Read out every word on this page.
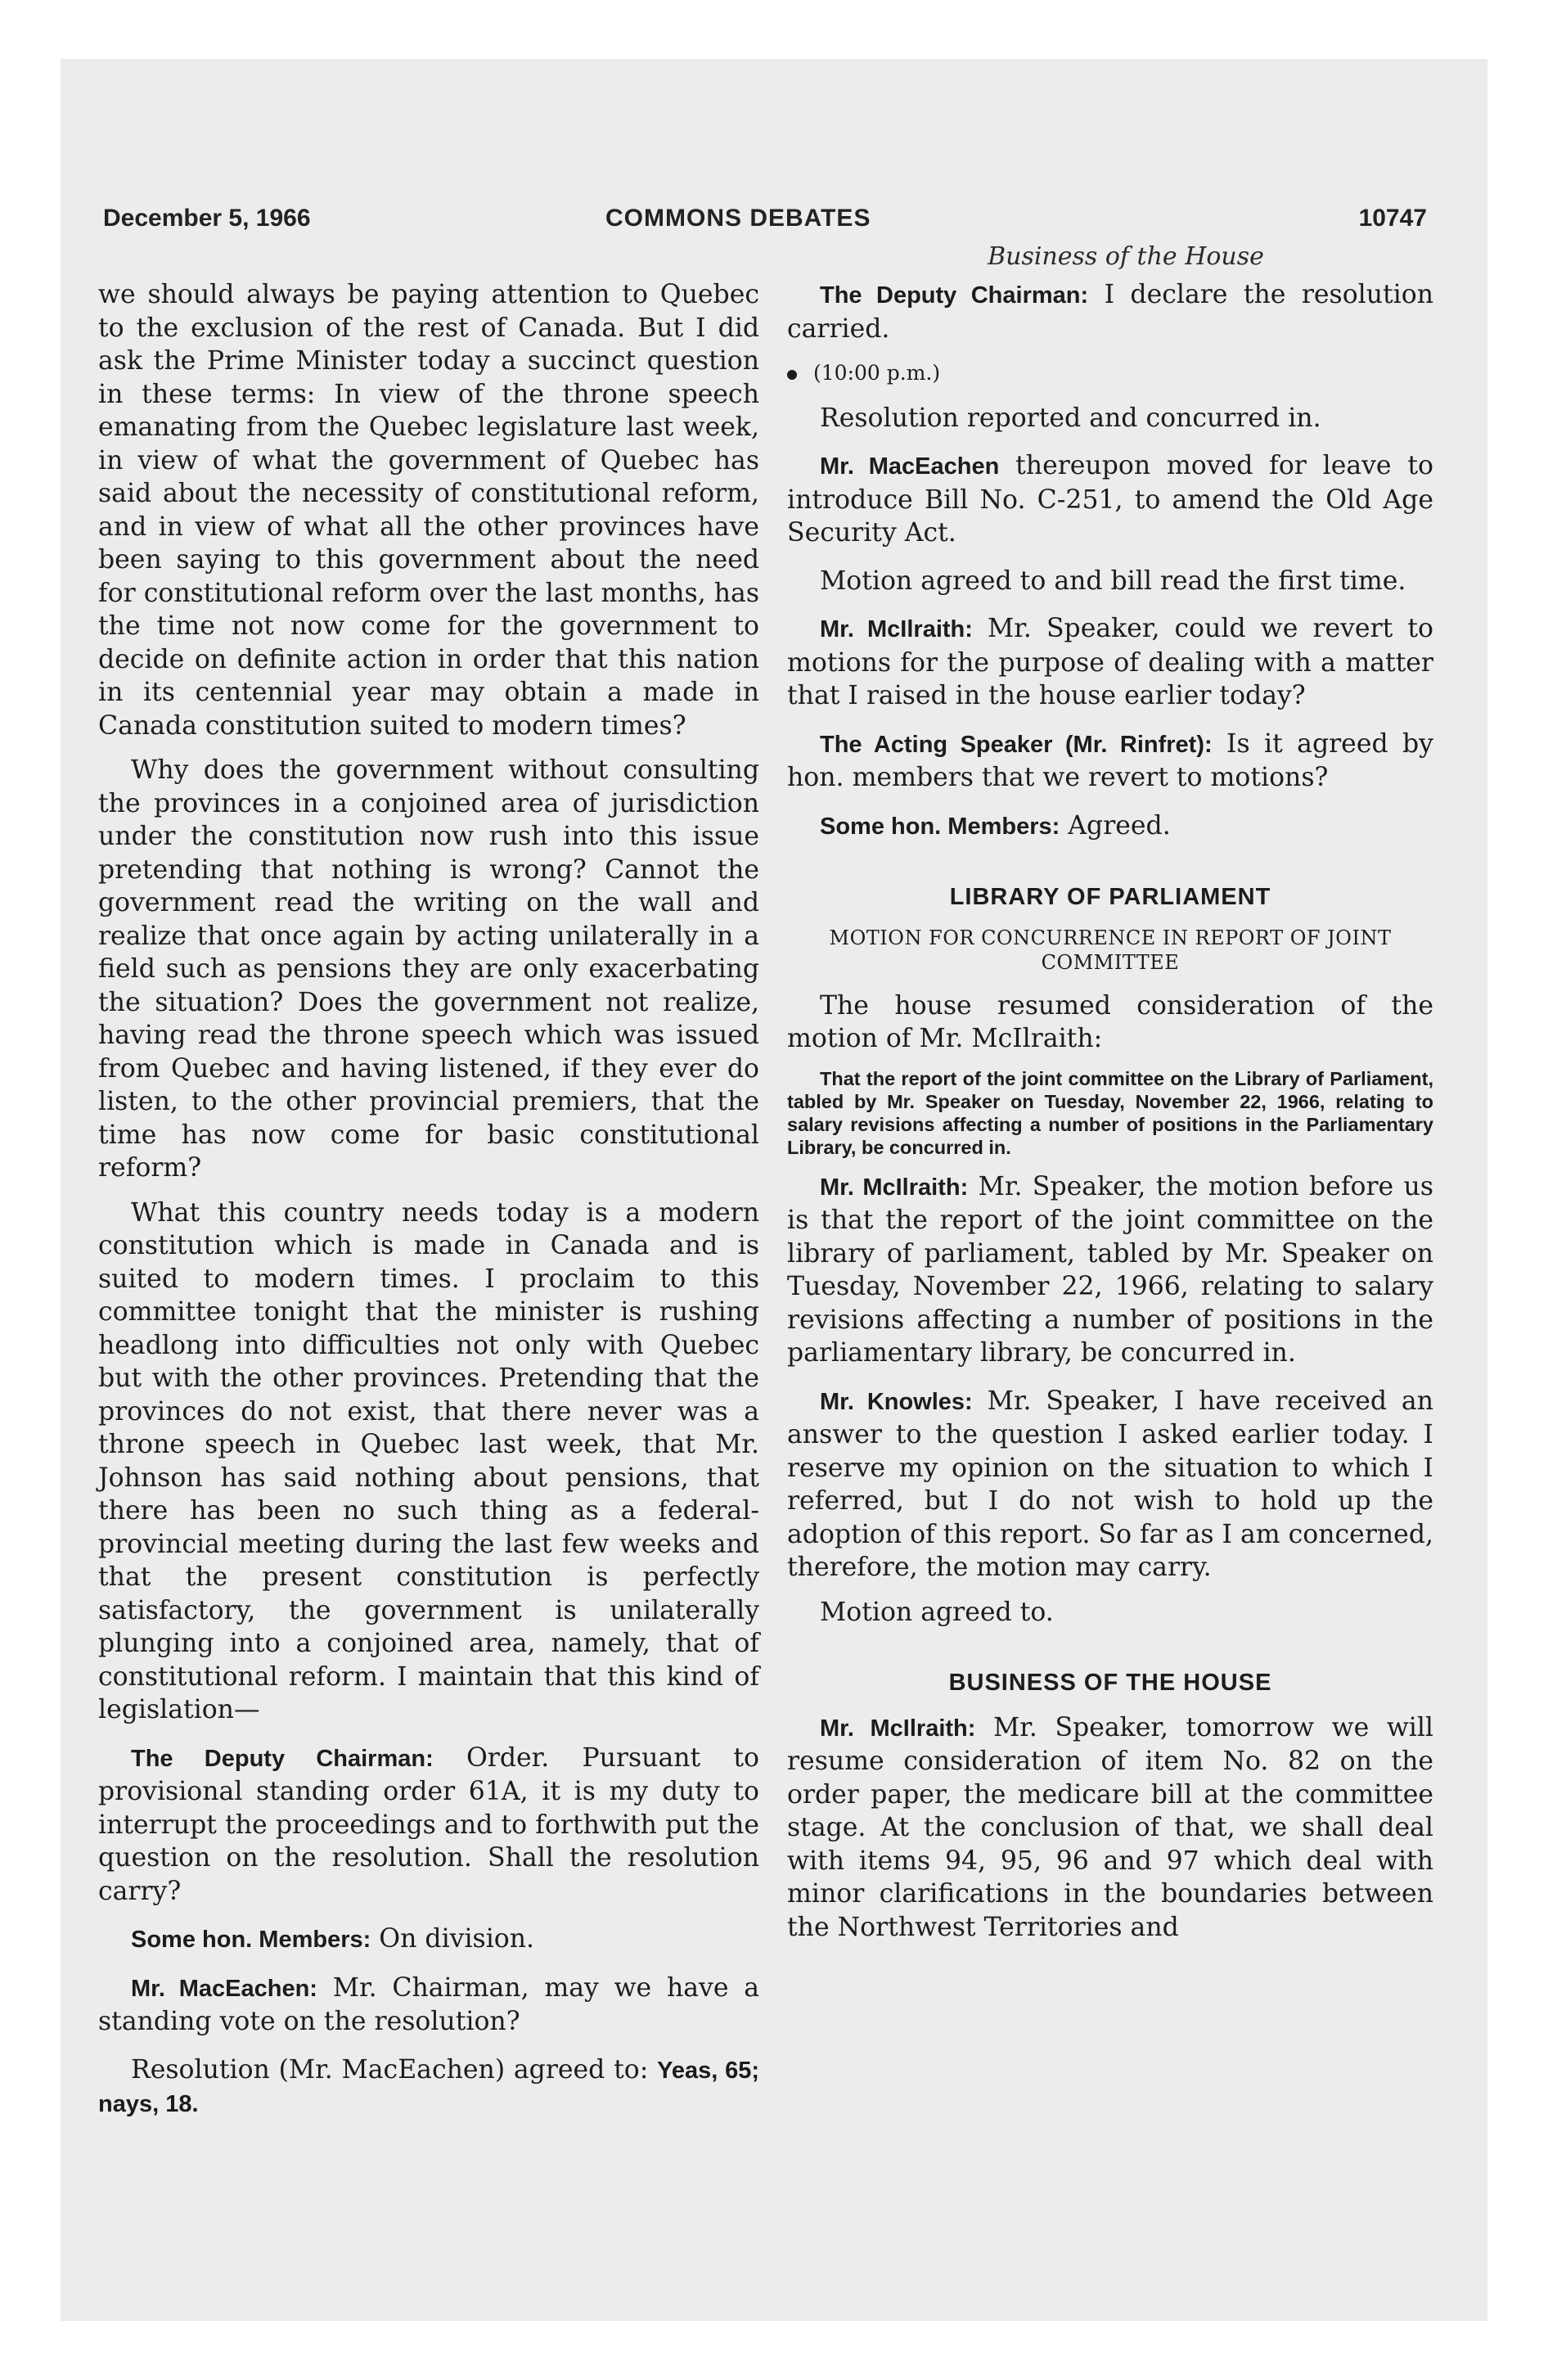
December 5, 1966	COMMONS DEBATES	10747
Business of the House

we should always be paying attention to Quebec to the exclusion of the rest of Canada. But I did ask the Prime Minister today a succinct question in these terms: In view of the throne speech emanating from the Quebec legislature last week, in view of what the government of Quebec has said about the necessity of constitutional reform, and in view of what all the other provinces have been saying to this government about the need for constitutional reform over the last months, has the time not now come for the government to decide on definite action in order that this nation in its centennial year may obtain a made in Canada constitution suited to modern times?

Why does the government without consulting the provinces in a conjoined area of jurisdiction under the constitution now rush into this issue pretending that nothing is wrong? Cannot the government read the writing on the wall and realize that once again by acting unilaterally in a field such as pensions they are only exacerbating the situation? Does the government not realize, having read the throne speech which was issued from Quebec and having listened, if they ever do listen, to the other provincial premiers, that the time has now come for basic constitutional reform?

What this country needs today is a modern constitution which is made in Canada and is suited to modern times. I proclaim to this committee tonight that the minister is rushing headlong into difficulties not only with Quebec but with the other provinces. Pretending that the provinces do not exist, that there never was a throne speech in Quebec last week, that Mr. Johnson has said nothing about pensions, that there has been no such thing as a federal-provincial meeting during the last few weeks and that the present constitution is perfectly satisfactory, the government is unilaterally plunging into a conjoined area, namely, that of constitutional reform. I maintain that this kind of legislation—

The Deputy Chairman: Order. Pursuant to provisional standing order 61A, it is my duty to interrupt the proceedings and to forthwith put the question on the resolution. Shall the resolution carry?

Some hon. Members: On division.

Mr. MacEachen: Mr. Chairman, may we have a standing vote on the resolution?

Resolution (Mr. MacEachen) agreed to: Yeas, 65; nays, 18.

The Deputy Chairman: I declare the resolution carried.

(10:00 p.m.)

Resolution reported and concurred in.

Mr. MacEachen thereupon moved for leave to introduce Bill No. C-251, to amend the Old Age Security Act.

Motion agreed to and bill read the first time.

Mr. McIlraith: Mr. Speaker, could we revert to motions for the purpose of dealing with a matter that I raised in the house earlier today?

The Acting Speaker (Mr. Rinfret): Is it agreed by hon. members that we revert to motions?

Some hon. Members: Agreed.

LIBRARY OF PARLIAMENT
MOTION FOR CONCURRENCE IN REPORT OF JOINT COMMITTEE

The house resumed consideration of the motion of Mr. McIlraith:

That the report of the joint committee on the Library of Parliament, tabled by Mr. Speaker on Tuesday, November 22, 1966, relating to salary revisions affecting a number of positions in the Parliamentary Library, be concurred in.

Mr. McIlraith: Mr. Speaker, the motion before us is that the report of the joint committee on the library of parliament, tabled by Mr. Speaker on Tuesday, November 22, 1966, relating to salary revisions affecting a number of positions in the parliamentary library, be concurred in.

Mr. Knowles: Mr. Speaker, I have received an answer to the question I asked earlier today. I reserve my opinion on the situation to which I referred, but I do not wish to hold up the adoption of this report. So far as I am concerned, therefore, the motion may carry.

Motion agreed to.

BUSINESS OF THE HOUSE

Mr. McIlraith: Mr. Speaker, tomorrow we will resume consideration of item No. 82 on the order paper, the medicare bill at the committee stage. At the conclusion of that, we shall deal with items 94, 95, 96 and 97 which deal with minor clarifications in the boundaries between the Northwest Territories and
